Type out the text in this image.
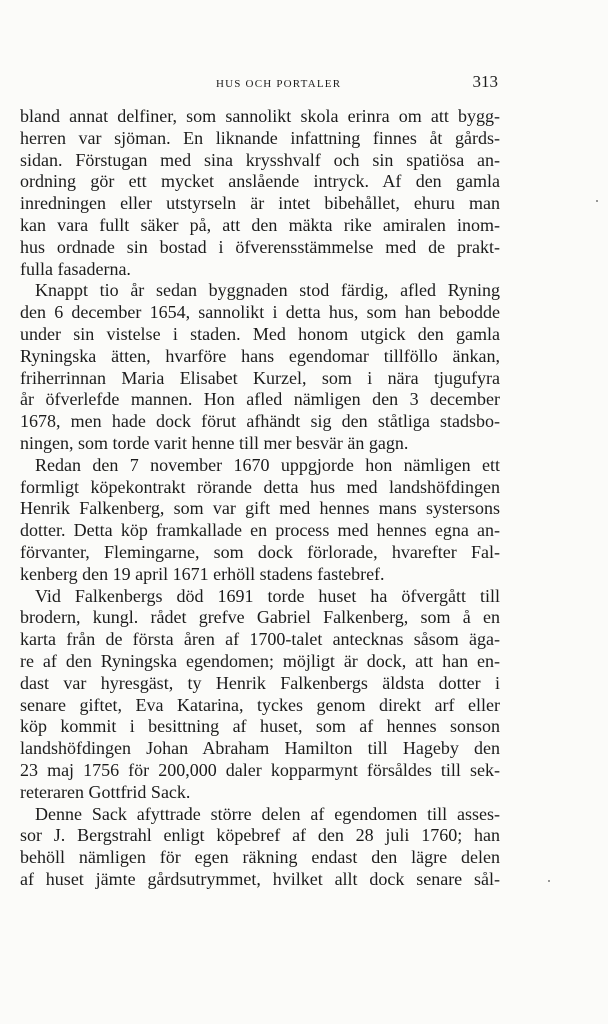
HUS OCH PORTALER	313
bland annat delfiner, som sannolikt skola erinra om att bygg-
herren var sjöman. En liknande infattning finnes åt gårds-
sidan. Förstugan med sina krysshvalf och sin spatiösa an-
ordning gör ett mycket anslående intryck. Af den gamla
inredningen eller utstyrseln är intet bibehållet, ehuru man
kan vara fullt säker på, att den mäkta rike amiralen inom-
hus ordnade sin bostad i öfverensstämmelse med de prakt-
fulla fasaderna.
Knappt tio år sedan byggnaden stod färdig, afled Ryning
den 6 december 1654, sannolikt i detta hus, som han bebodde
under sin vistelse i staden. Med honom utgick den gamla
Ryningska ätten, hvarföre hans egendomar tillföllo änkan,
friherrinnan Maria Elisabet Kurzel, som i nära tjugufyra
år öfverlefde mannen. Hon afled nämligen den 3 december
1678, men hade dock förut afhändt sig den ståtliga stadsbo-
ningen, som torde varit henne till mer besvär än gagn.
Redan den 7 november 1670 uppgjorde hon nämligen ett
formligt köpekontrakt rörande detta hus med landshöfdingen
Henrik Falkenberg, som var gift med hennes mans systersons
dotter. Detta köp framkallade en process med hennes egna an-
förvanter, Flemingarne, som dock förlorade, hvarefter Fal-
kenberg den 19 april 1671 erhöll stadens fastebref.
Vid Falkenbergs död 1691 torde huset ha öfvergått till
brodern, kungl. rådet grefve Gabriel Falkenberg, som å en
karta från de första åren af 1700-talet antecknas såsom äga-
re af den Ryningska egendomen; möjligt är dock, att han en-
dast var hyresgäst, ty Henrik Falkenbergs äldsta dotter i
senare giftet, Eva Katarina, tyckes genom direkt arf eller
köp kommit i besittning af huset, som af hennes sonson
landshöfdingen Johan Abraham Hamilton till Hageby den
23 maj 1756 för 200,000 daler kopparmynt försåldes till sek-
reteraren Gottfrid Sack.
Denne Sack afyttrade större delen af egendomen till asses-
sor J. Bergstrahl enligt köpebref af den 28 juli 1760; han
behöll nämligen för egen räkning endast den lägre delen
af huset jämte gårdsutrymmet, hvilket allt dock senare sål-
